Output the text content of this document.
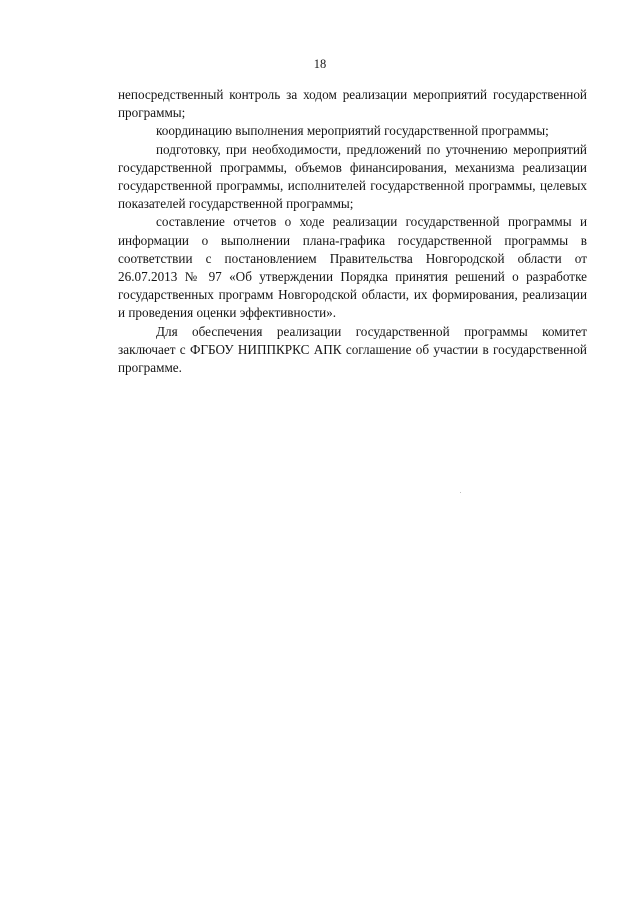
18

непосредственный контроль за ходом реализации мероприятий государственной программы;

координацию выполнения мероприятий государственной программы;

подготовку, при необходимости, предложений по уточнению мероприятий государственной программы, объемов финансирования, механизма реализации государственной программы, исполнителей государственной программы, целевых показателей государственной программы;

составление отчетов о ходе реализации государственной программы и информации о выполнении плана-графика государственной программы в соответствии с постановлением Правительства Новгородской области от 26.07.2013 № 97 «Об утверждении Порядка принятия решений о разработке государственных программ Новгородской области, их формирования, реализации и проведения оценки эффективности».

Для обеспечения реализации государственной программы комитет заключает с ФГБОУ НИППКРКС АПК соглашение об участии в государственной программе.
